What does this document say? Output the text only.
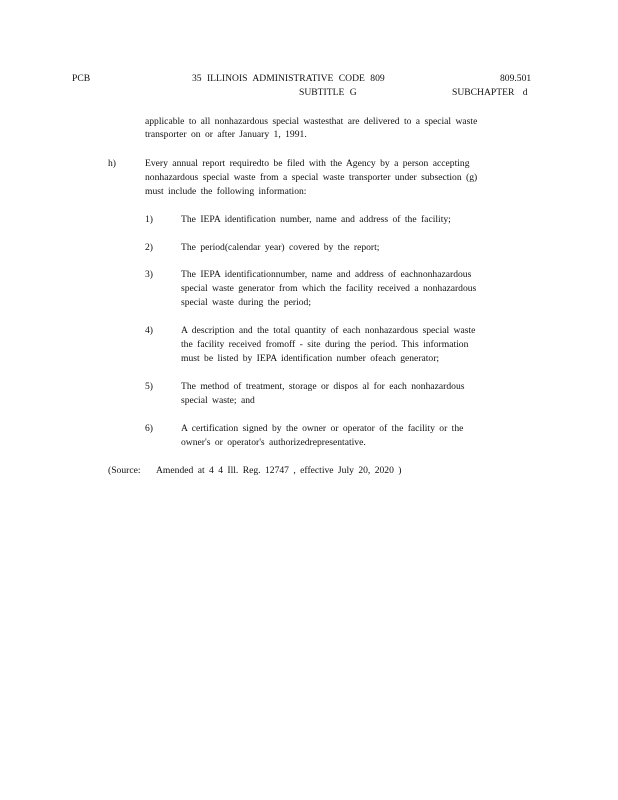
PCB	35 ILLINOIS ADMINISTRATIVE CODE 809
SUBTITLE G
809.501
SUBCHAPTER d
applicable to all nonhazardous special wastesthat are delivered to a special waste
transporter on or after January 1, 1991.
h)	Every annual report requiredto be filed with the Agency by a person accepting
nonhazardous special waste from a special waste transporter under subsection (g)
must include the following information:
1)	The IEPA identification number, name and address of the facility;
2)	The period(calendar year) covered by the report;
3)	The IEPA identificationnumber, name and address of eachnonhazardous
special waste generator from which the facility received a nonhazardous
special waste during the period;
4)	A description and the total quantity of each nonhazardous special waste
the facility received fromoff - site during the period. This information
must be listed by IEPA identification number ofeach generator;
5)	The method of treatment, storage or dispos al for each nonhazardous
special waste; and
6)	A certification signed by the owner or operator of the facility or the
owner's or operator's authorizedrepresentative.
(Source: Amended at 4 4 Ill. Reg. 12747 , effective July 20, 2020 )
